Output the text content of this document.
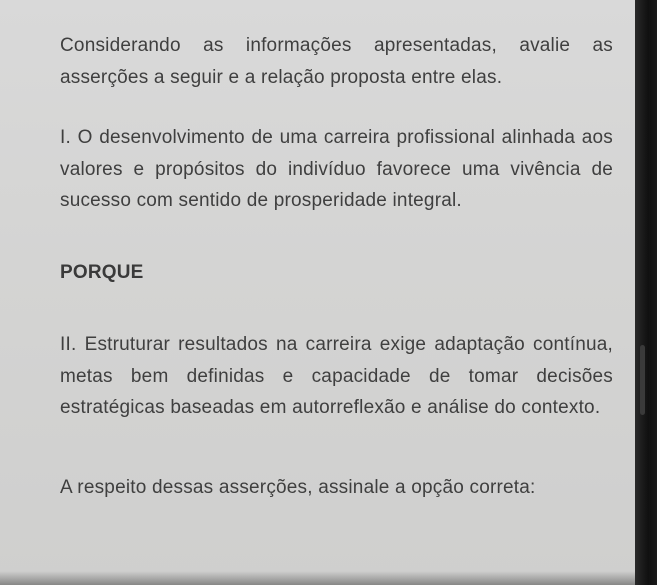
Considerando as informações apresentadas, avalie as asserções a seguir e a relação proposta entre elas.

I. O desenvolvimento de uma carreira profissional alinhada aos valores e propósitos do indivíduo favorece uma vivência de sucesso com sentido de prosperidade integral.

PORQUE

II. Estruturar resultados na carreira exige adaptação contínua, metas bem definidas e capacidade de tomar decisões estratégicas baseadas em autorreflexão e análise do contexto.

A respeito dessas asserções, assinale a opção correta:
